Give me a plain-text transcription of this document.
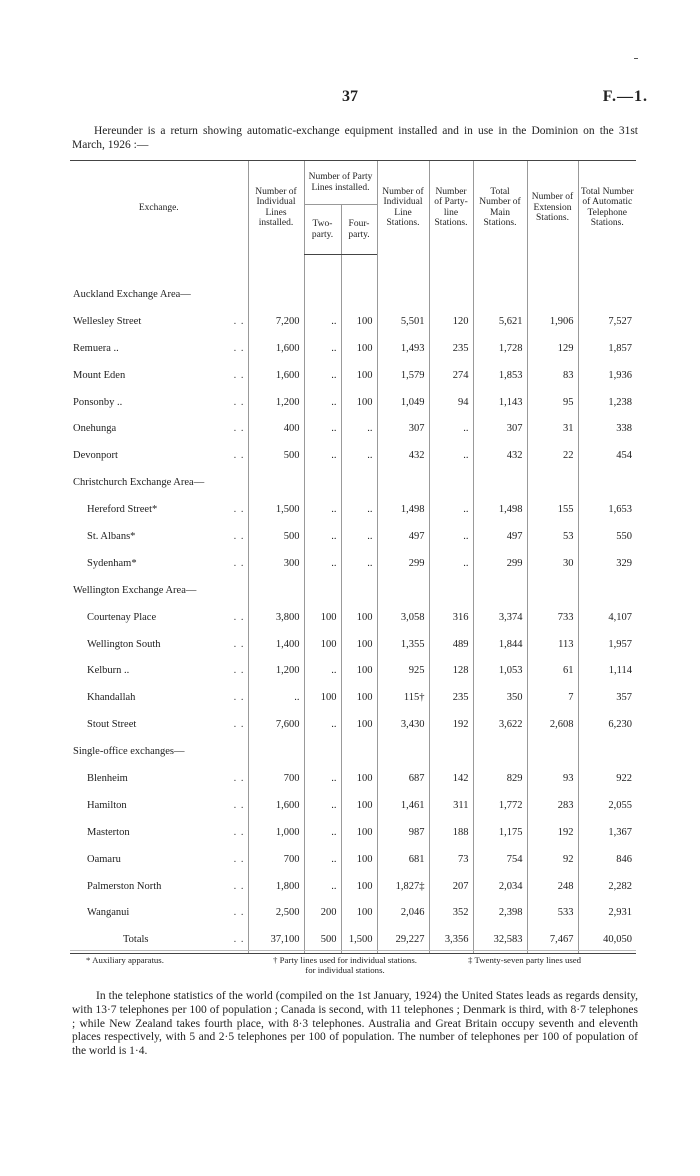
37	F.—1.
Hereunder is a return showing automatic-exchange equipment installed and in use in the Dominion on the 31st March, 1926 :—
Exchange.	Number of Individual Lines installed.	Number of Party Lines installed.		Number of Individual Line Stations.	Number of Party-line Stations.	Total Number of Main Stations.	Number of Extension Stations.	Total Number of Automatic Telephone Stations.
		Two-party.	Four-party.					

Auckland Exchange Area—								

. .
Wellesley Street	7,200	..	100	5,501	120	5,621	1,906	7,527

. .
Remuera ..	1,600	..	100	1,493	235	1,728	129	1,857

. .
Mount Eden	1,600	..	100	1,579	274	1,853	83	1,936

. .
Ponsonby ..	1,200	..	100	1,049	94	1,143	95	1,238

. .
Onehunga	400	..	..	307	..	307	31	338

. .
Devonport	500	..	..	432	..	432	22	454
Christchurch Exchange Area—								

. .
Hereford Street*	1,500	..	..	1,498	..	1,498	155	1,653

. .
St. Albans*	500	..	..	497	..	497	53	550

. .
Sydenham*	300	..	..	299	..	299	30	329
Wellington Exchange Area—								

. .
Courtenay Place	3,800	100	100	3,058	316	3,374	733	4,107

. .
Wellington South	1,400	100	100	1,355	489	1,844	113	1,957

. .
Kelburn ..	1,200	..	100	925	128	1,053	61	1,114

. .
Khandallah	..	100	100	115†	235	350	7	357

. .
Stout Street	7,600	..	100	3,430	192	3,622	2,608	6,230
Single-office exchanges—								

. .
Blenheim	700	..	100	687	142	829	93	922

. .
Hamilton	1,600	..	100	1,461	311	1,772	283	2,055

. .
Masterton	1,000	..	100	987	188	1,175	192	1,367

. .
Oamaru	700	..	100	681	73	754	92	846

. .
Palmerston North	1,800	..	100	1,827‡	207	2,034	248	2,282

. .
Wanganui	2,500	200	100	2,046	352	2,398	533	2,931

. .
Totals	37,100	500	1,500	29,227	3,356	32,583	7,467	40,050
* Auxiliary apparatus.	† Party lines used for individual stations.
for individual stations.
‡ Twenty-seven party lines used
In the telephone statistics of the world (compiled on the 1st January, 1924) the United States leads as regards density, with 13·7 telephones per 100 of population ; Canada is second, with 11 telephones ; Denmark is third, with 8·7 telephones ; while New Zealand takes fourth place, with 8·3 telephones. Australia and Great Britain occupy seventh and eleventh places respectively, with 5 and 2·5 telephones per 100 of population. The number of telephones per 100 of population of the world is 1·4.
